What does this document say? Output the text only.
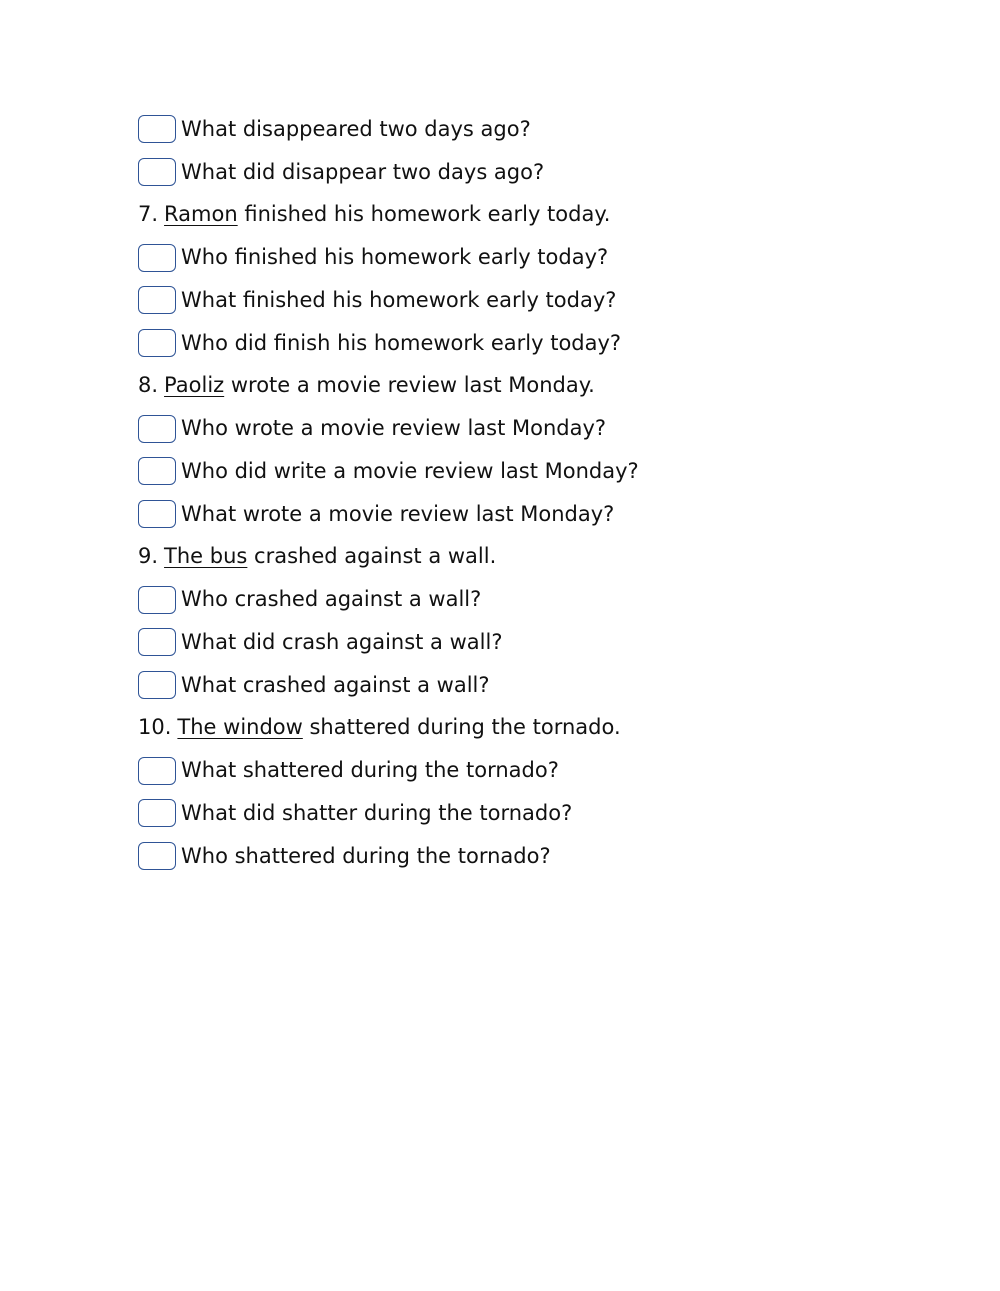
What disappeared two days ago?
What did disappear two days ago?
7. Ramon finished his homework early today.
Who finished his homework early today?
What finished his homework early today?
Who did finish his homework early today?
8. Paoliz wrote a movie review last Monday.
Who wrote a movie review last Monday?
Who did write a movie review last Monday?
What wrote a movie review last Monday?
9. The bus crashed against a wall.
Who crashed against a wall?
What did crash against a wall?
What crashed against a wall?
10. The window shattered during the tornado.
What shattered during the tornado?
What did shatter during the tornado?
Who shattered during the tornado?
